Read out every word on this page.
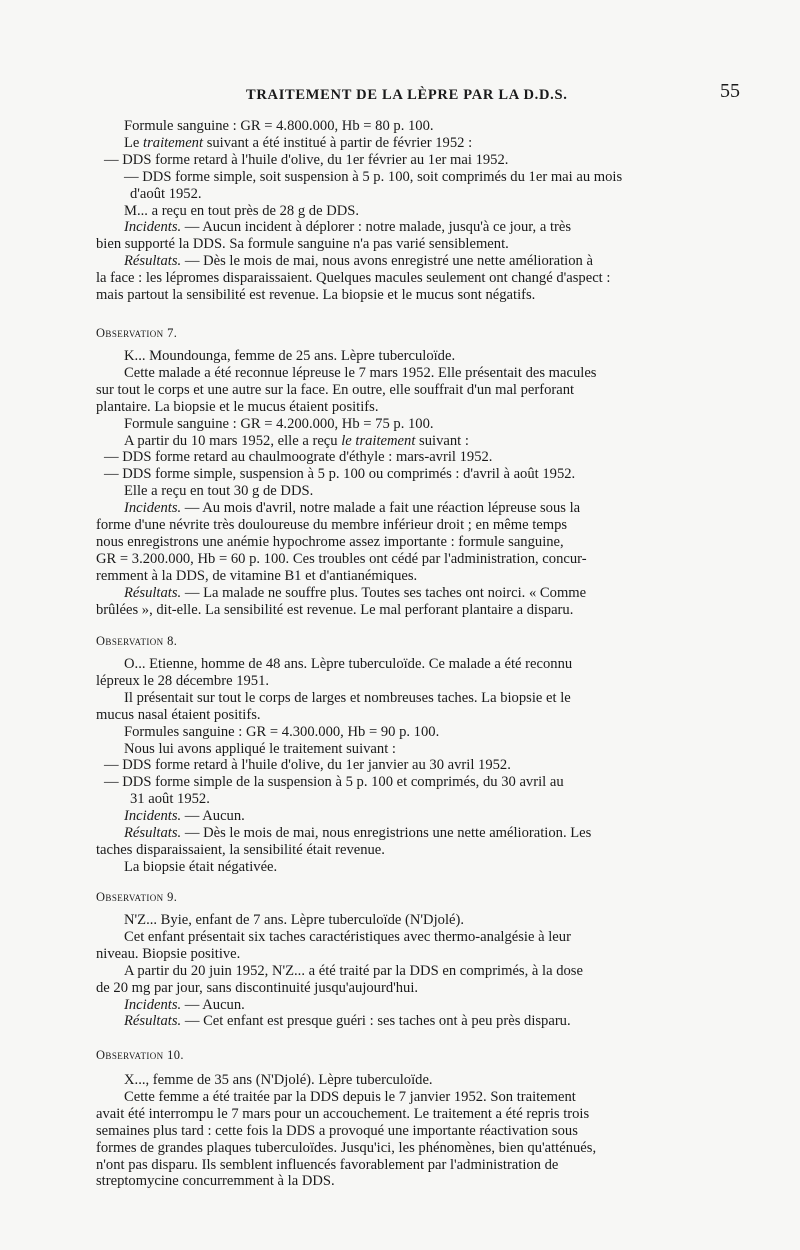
TRAITEMENT DE LA LÈPRE PAR LA D.D.S.	55
Formule sanguine : GR = 4.800.000, Hb = 80 p. 100.
Le traitement suivant a été institué à partir de février 1952 :
— DDS forme retard à l'huile d'olive, du 1er février au 1er mai 1952.
— DDS forme simple, soit suspension à 5 p. 100, soit comprimés du 1er mai au mois
d'août 1952.
M... a reçu en tout près de 28 g de DDS.
Incidents. — Aucun incident à déplorer : notre malade, jusqu'à ce jour, a très
bien supporté la DDS. Sa formule sanguine n'a pas varié sensiblement.
Résultats. — Dès le mois de mai, nous avons enregistré une nette amélioration à
la face : les lépromes disparaissaient. Quelques macules seulement ont changé d'aspect :
mais partout la sensibilité est revenue. La biopsie et le mucus sont négatifs.
Observation 7.
K... Moundounga, femme de 25 ans. Lèpre tuberculoïde.
Cette malade a été reconnue lépreuse le 7 mars 1952. Elle présentait des macules
sur tout le corps et une autre sur la face. En outre, elle souffrait d'un mal perforant
plantaire. La biopsie et le mucus étaient positifs.
Formule sanguine : GR = 4.200.000, Hb = 75 p. 100.
A partir du 10 mars 1952, elle a reçu le traitement suivant :
— DDS forme retard au chaulmoograte d'éthyle : mars-avril 1952.
— DDS forme simple, suspension à 5 p. 100 ou comprimés : d'avril à août 1952.
Elle a reçu en tout 30 g de DDS.
Incidents. — Au mois d'avril, notre malade a fait une réaction lépreuse sous la
forme d'une névrite très douloureuse du membre inférieur droit ; en même temps
nous enregistrons une anémie hypochrome assez importante : formule sanguine,
GR = 3.200.000, Hb = 60 p. 100. Ces troubles ont cédé par l'administration, concur-
remment à la DDS, de vitamine B1 et d'antianémiques.
Résultats. — La malade ne souffre plus. Toutes ses taches ont noirci. « Comme
brûlées », dit-elle. La sensibilité est revenue. Le mal perforant plantaire a disparu.
Observation 8.
O... Etienne, homme de 48 ans. Lèpre tuberculoïde. Ce malade a été reconnu
lépreux le 28 décembre 1951.
Il présentait sur tout le corps de larges et nombreuses taches. La biopsie et le
mucus nasal étaient positifs.
Formules sanguine : GR = 4.300.000, Hb = 90 p. 100.
Nous lui avons appliqué le traitement suivant :
— DDS forme retard à l'huile d'olive, du 1er janvier au 30 avril 1952.
— DDS forme simple de la suspension à 5 p. 100 et comprimés, du 30 avril au
31 août 1952.
Incidents. — Aucun.
Résultats. — Dès le mois de mai, nous enregistrions une nette amélioration. Les
taches disparaissaient, la sensibilité était revenue.
La biopsie était négativée.
Observation 9.
N'Z... Byie, enfant de 7 ans. Lèpre tuberculoïde (N'Djolé).
Cet enfant présentait six taches caractéristiques avec thermo-analgésie à leur
niveau. Biopsie positive.
A partir du 20 juin 1952, N'Z... a été traité par la DDS en comprimés, à la dose
de 20 mg par jour, sans discontinuité jusqu'aujourd'hui.
Incidents. — Aucun.
Résultats. — Cet enfant est presque guéri : ses taches ont à peu près disparu.
Observation 10.
X..., femme de 35 ans (N'Djolé). Lèpre tuberculoïde.
Cette femme a été traitée par la DDS depuis le 7 janvier 1952. Son traitement
avait été interrompu le 7 mars pour un accouchement. Le traitement a été repris trois
semaines plus tard : cette fois la DDS a provoqué une importante réactivation sous
formes de grandes plaques tuberculoïdes. Jusqu'ici, les phénomènes, bien qu'atténués,
n'ont pas disparu. Ils semblent influencés favorablement par l'administration de
streptomycine concurremment à la DDS.
